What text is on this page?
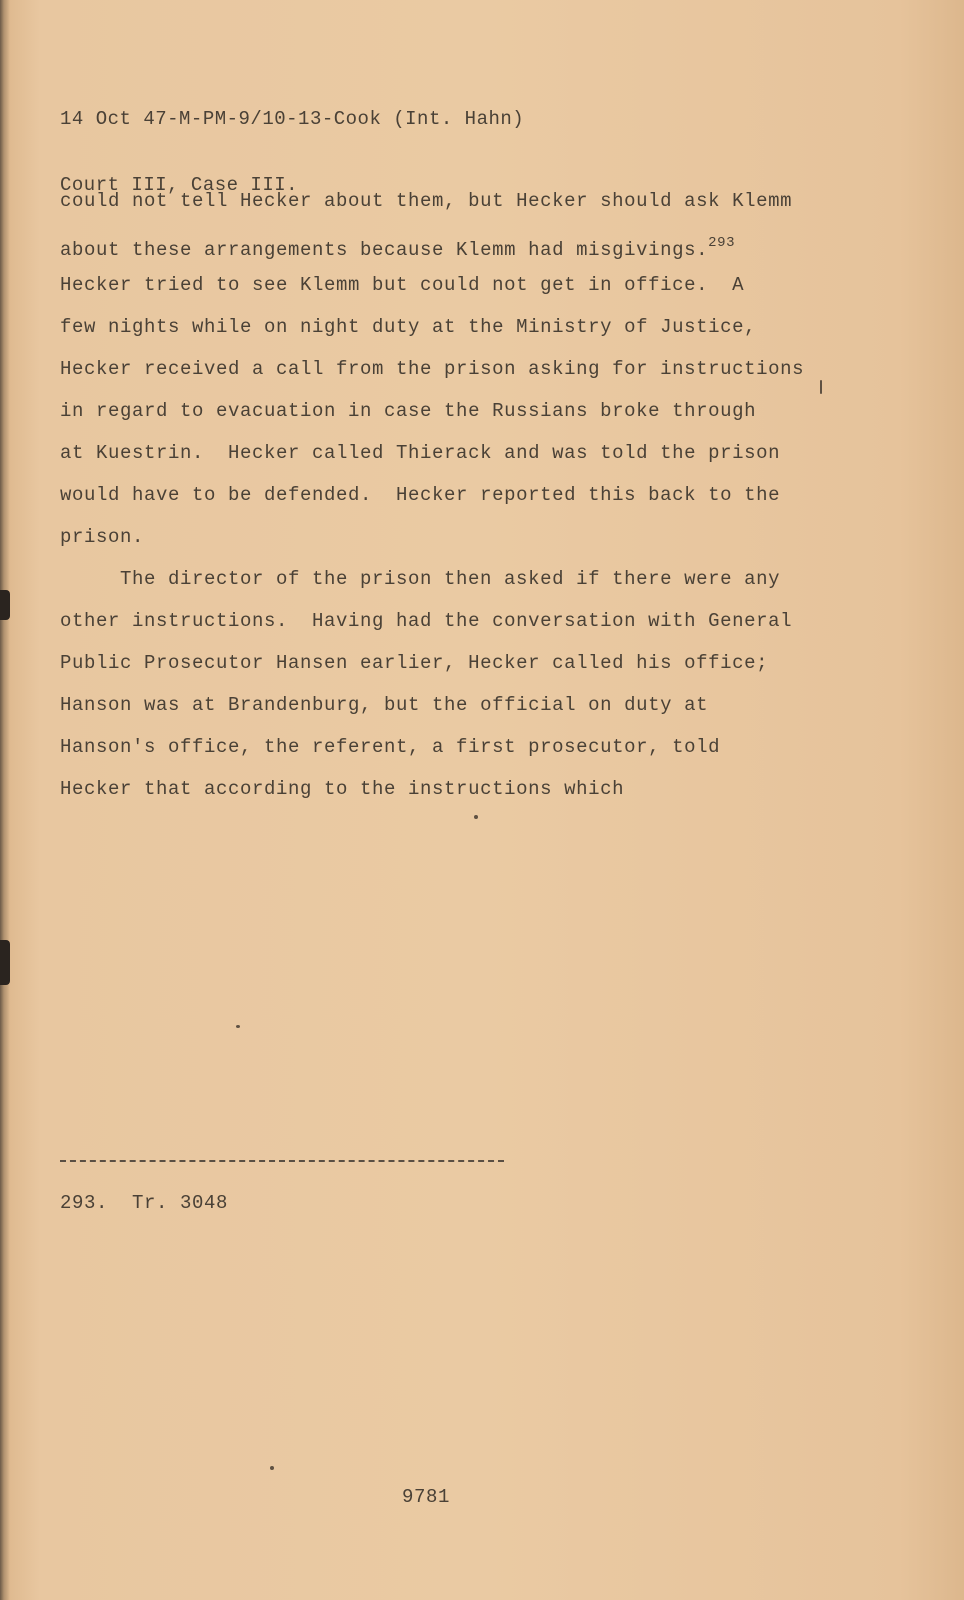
14 Oct 47-M-PM-9/10-13-Cook (Int. Hahn)

Court III, Case III.

could not tell Hecker about them, but Hecker should ask Klemm
about these arrangements because Klemm had misgivings.$^{293}$
Hecker tried to see Klemm but could not get in office.  A
few nights while on night duty at the Ministry of Justice,
Hecker received a call from the prison asking for instructions
in regard to evacuation in case the Russians broke through
at Kuestrin.  Hecker called Thierack and was told the prison
would have to be defended.  Hecker reported this back to the
prison.
The director of the prison then asked if there were any
other instructions.  Having had the conversation with General
Public Prosecutor Hansen earlier, Hecker called his office;
Hanson was at Brandenburg, but the official on duty at
Hanson's office, the referent, a first prosecutor, told
Hecker that according to the instructions which
293.  Tr. 3048
9781
